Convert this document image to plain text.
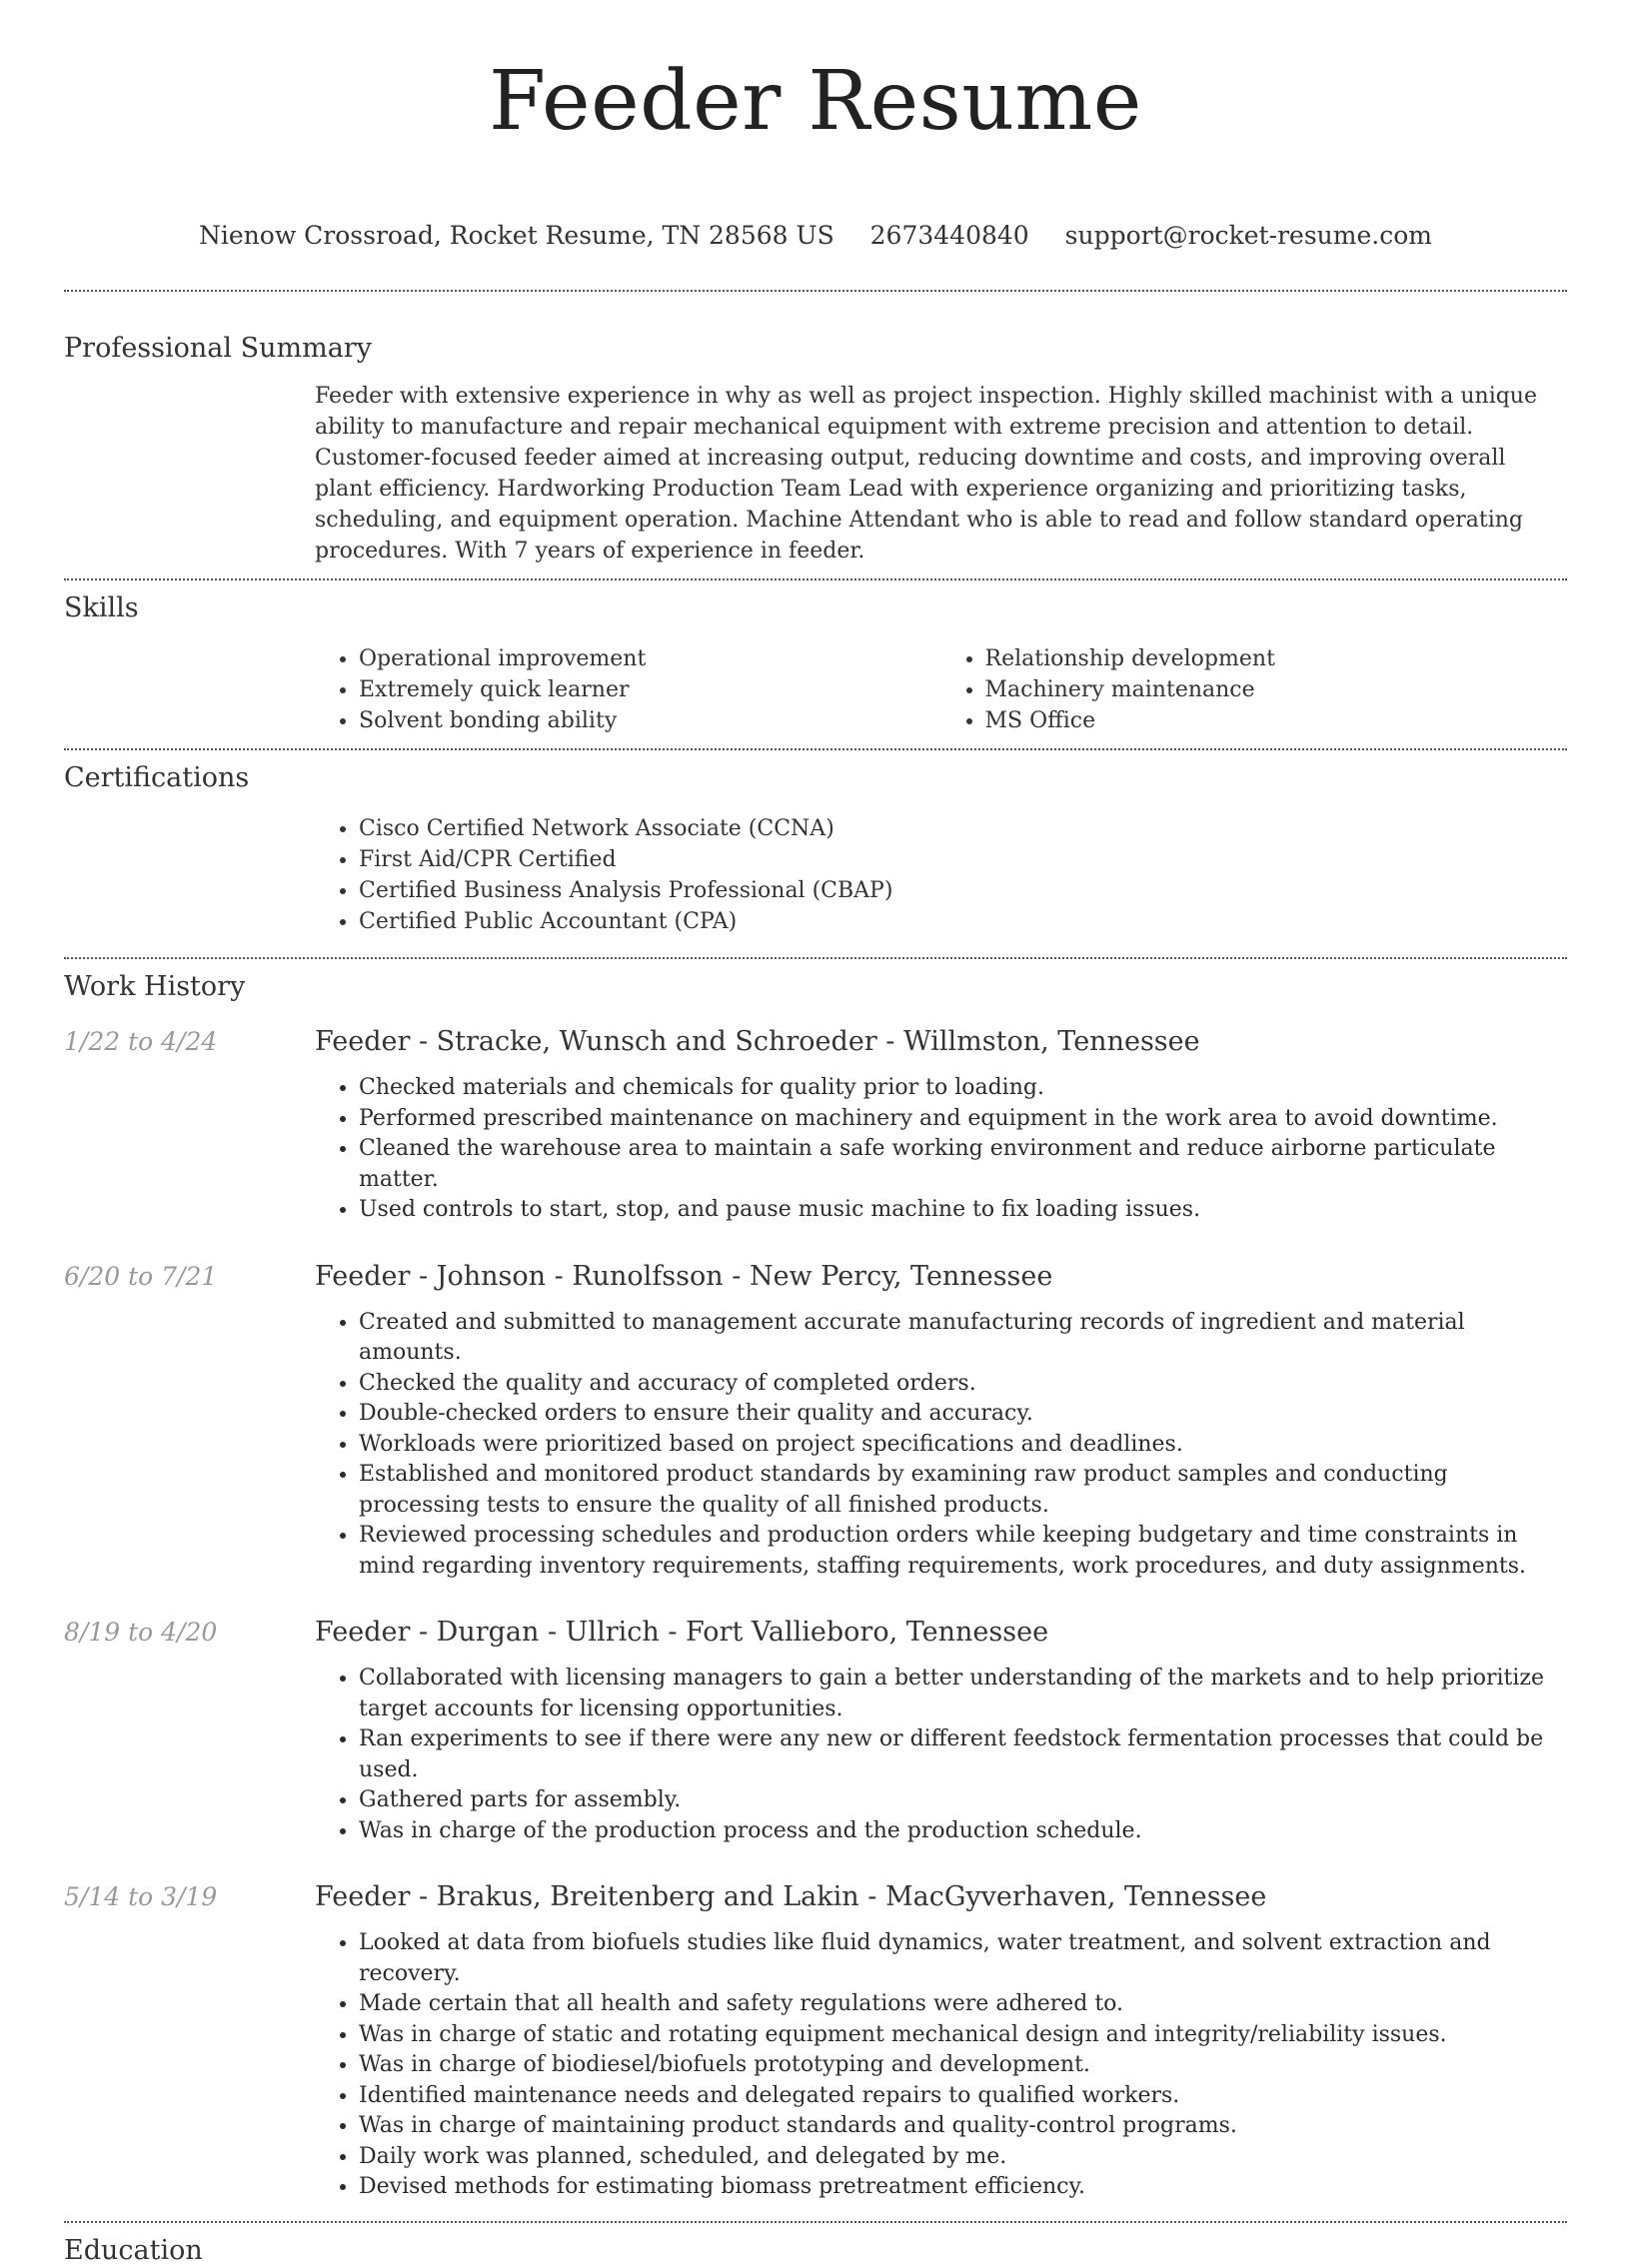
Feeder Resume
Nienow Crossroad, Rocket Resume, TN 28568 US 2673440840 support@rocket-resume.com
Professional Summary
Feeder with extensive experience in why as well as project inspection. Highly skilled machinist with a unique ability to manufacture and repair mechanical equipment with extreme precision and attention to detail. Customer-focused feeder aimed at increasing output, reducing downtime and costs, and improving overall plant efficiency. Hardworking Production Team Lead with experience organizing and prioritizing tasks, scheduling, and equipment operation. Machine Attendant who is able to read and follow standard operating procedures. With 7 years of experience in feeder.
Skills
• Operational improvement
• Extremely quick learner
• Solvent bonding ability
• Relationship development
• Machinery maintenance
• MS Office
Certifications
• Cisco Certified Network Associate (CCNA)
• First Aid/CPR Certified
• Certified Business Analysis Professional (CBAP)
• Certified Public Accountant (CPA)
Work History
1/22 to 4/24	Feeder - Stracke, Wunsch and Schroeder - Willmston, Tennessee
• Checked materials and chemicals for quality prior to loading.
• Performed prescribed maintenance on machinery and equipment in the work area to avoid downtime.
• Cleaned the warehouse area to maintain a safe working environment and reduce airborne particulate matter.
• Used controls to start, stop, and pause music machine to fix loading issues.
6/20 to 7/21	Feeder - Johnson - Runolfsson - New Percy, Tennessee
• Created and submitted to management accurate manufacturing records of ingredient and material amounts.
• Checked the quality and accuracy of completed orders.
• Double-checked orders to ensure their quality and accuracy.
• Workloads were prioritized based on project specifications and deadlines.
• Established and monitored product standards by examining raw product samples and conducting processing tests to ensure the quality of all finished products.
• Reviewed processing schedules and production orders while keeping budgetary and time constraints in mind regarding inventory requirements, staffing requirements, work procedures, and duty assignments.
8/19 to 4/20	Feeder - Durgan - Ullrich - Fort Vallieboro, Tennessee
• Collaborated with licensing managers to gain a better understanding of the markets and to help prioritize target accounts for licensing opportunities.
• Ran experiments to see if there were any new or different feedstock fermentation processes that could be used.
• Gathered parts for assembly.
• Was in charge of the production process and the production schedule.
5/14 to 3/19	Feeder - Brakus, Breitenberg and Lakin - MacGyverhaven, Tennessee
• Looked at data from biofuels studies like fluid dynamics, water treatment, and solvent extraction and recovery.
• Made certain that all health and safety regulations were adhered to.
• Was in charge of static and rotating equipment mechanical design and integrity/reliability issues.
• Was in charge of biodiesel/biofuels prototyping and development.
• Identified maintenance needs and delegated repairs to qualified workers.
• Was in charge of maintaining product standards and quality-control programs.
• Daily work was planned, scheduled, and delegated by me.
• Devised methods for estimating biomass pretreatment efficiency.
Education
